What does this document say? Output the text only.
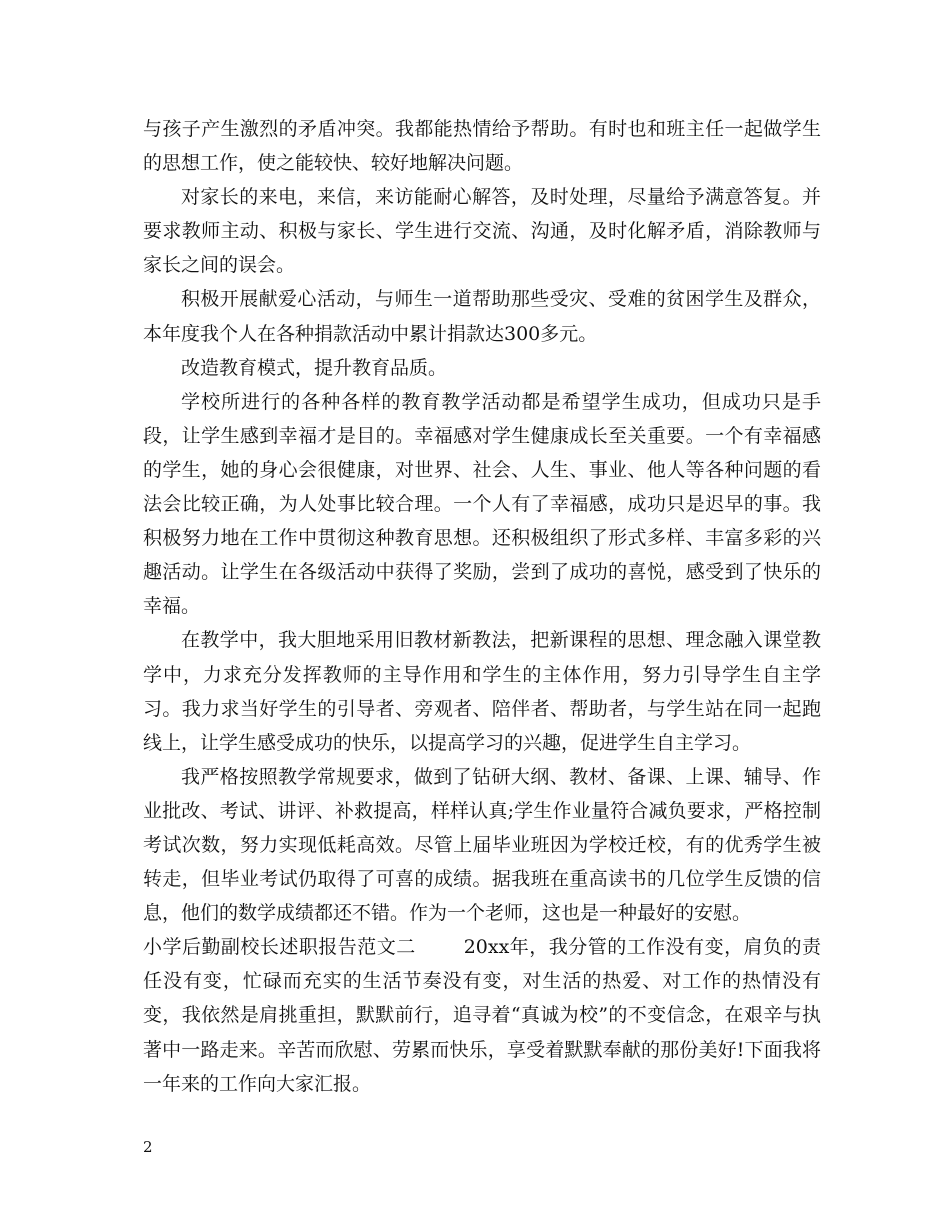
与孩子产生激烈的矛盾冲突。我都能热情给予帮助。有时也和班主任一起做学生的思想工作，使之能较快、较好地解决问题。

对家长的来电，来信，来访能耐心解答，及时处理，尽量给予满意答复。并要求教师主动、积极与家长、学生进行交流、沟通，及时化解矛盾，消除教师与家长之间的误会。

积极开展献爱心活动，与师生一道帮助那些受灾、受难的贫困学生及群众，本年度我个人在各种捐款活动中累计捐款达300多元。

改造教育模式，提升教育品质。

学校所进行的各种各样的教育教学活动都是希望学生成功，但成功只是手段，让学生感到幸福才是目的。幸福感对学生健康成长至关重要。一个有幸福感的学生，她的身心会很健康，对世界、社会、人生、事业、他人等各种问题的看法会比较正确，为人处事比较合理。一个人有了幸福感，成功只是迟早的事。我积极努力地在工作中贯彻这种教育思想。还积极组织了形式多样、丰富多彩的兴趣活动。让学生在各级活动中获得了奖励，尝到了成功的喜悦，感受到了快乐的幸福。

在教学中，我大胆地采用旧教材新教法，把新课程的思想、理念融入课堂教学中，力求充分发挥教师的主导作用和学生的主体作用，努力引导学生自主学习。我力求当好学生的引导者、旁观者、陪伴者、帮助者，与学生站在同一起跑线上，让学生感受成功的快乐，以提高学习的兴趣，促进学生自主学习。

我严格按照教学常规要求，做到了钻研大纲、教材、备课、上课、辅导、作业批改、考试、讲评、补救提高，样样认真;学生作业量符合减负要求，严格控制考试次数，努力实现低耗高效。尽管上届毕业班因为学校迁校，有的优秀学生被转走，但毕业考试仍取得了可喜的成绩。据我班在重高读书的几位学生反馈的信息，他们的数学成绩都还不错。作为一个老师，这也是一种最好的安慰。

小学后勤副校长述职报告范文二	20xx年，我分管的工作没有变，肩负的责任没有变，忙碌而充实的生活节奏没有变，对生活的热爱、对工作的热情没有变，我依然是肩挑重担，默默前行，追寻着“真诚为校”的不变信念，在艰辛与执著中一路走来。辛苦而欣慰、劳累而快乐，享受着默默奉献的那份美好!下面我将一年来的工作向大家汇报。

2
